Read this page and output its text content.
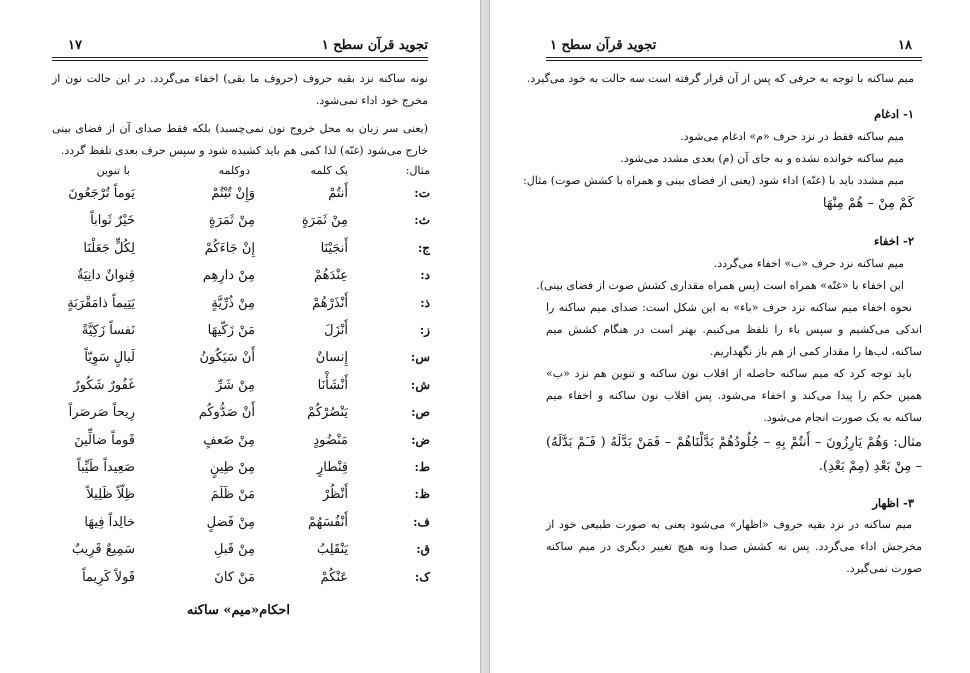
۱۷	تجوید قرآن سطح ۱
نونه ساکنه نزد بقیه حروف (حروف ما بقی) اخفاء می‌گردد. در این حالت نون از مخرج خود اداء نمی‌شود.
(یعنی سر زبان به محل خروج نون نمی‌چسبد) بلکه فقط صدای آن از فضای بینی خارج می‌شود (غنّه) لذا کمی هم باید کشیده شود و سپس حرف بعدی تلفظ گردد.
مثال:
یک کلمه
دوکلمه
با تنوین
ت:
أَنتُمْ
وَإِنْ تُبْتُمْ
يَوماً تُرْجَعُونَ
ث:
مِنْ ثَمَرَةٍ
مِنْ ثَمَرَةٍ
خَيْرٌ ثَواباً
ج:
أَنجَيْنَا
إِنْ جَاءَكُمْ
لِكُلٍّ جَعَلْنَا
د:
عِنْدَهُمْ
مِنْ دارِهِم
قِنوانٌ دانِيَةٌ
ذ:
أَنْذَرْهُمْ
مِنْ ذُرِّيَّةٍ
يَتِيماً ذامَقْرَبَةٍ
ز:
أَنْزَلَ
مَنْ زَكّيهَا
نَفساً زَكِيَّةً
س:
إِنسانٌ
أَنْ سَيَكُونُ
لَيالٍ سَوِيّاً
ش:
أَنْشَأْنَا
مِنْ شَرِّ
غَفُورٌ شَكُورٌ
ص:
يَنْصُرْكُمْ
أَنْ صَدُّوكُم
رِيحاً صَرصَراً
ض:
مَنْضُودٍ
مِنْ ضَعفٍ
قَوماً ضالِّينَ
ط:
قِنْطارٍ
مِنْ طِينٍ
صَعِيداً طَيِّباً
ظ:
أَنْظُرْ
مَنْ ظَلَمَ
ظِلّاً ظَلِيلاً
ف:
أَنْفُسَهُمْ
مِنْ فَضلٍ
خالِداً فِيهَا
ق:
يَنْقَلِبُ
مِنْ قَبلِ
سَمِيعٌ قَرِيبٌ
ک:
عَنْكُمْ
مَنْ كانَ
قَولاً كَرِيماً
احکام«میم» ساکنه
۱۸
تجوید قرآن سطح ۱
میم ساکنه با توجه به حرفی که پس از آن قرار گرفته است سه حالت به خود می‌گیرد.
۱- ادغام
میم ساکنه فقط در نزد حرف «م» ادغام می‌شود.
میم ساکنه خوانده نشده و به جای آن (م) بعدی مشدد می‌شود.
میم مشدد باید با (غنّه) اداء شود (یعنی از فضای بینی و همراه با کشش صوت) مثال:
كَمْ مِنْ – هُمْ مِنْهَا
۲- اخفاء
میم ساکنه نزد حرف «ب» اخفاء می‌گردد.
این اخفاء با «غنّه» همراه است (پس همراه مقداری کشش صوت از فضای بینی).
نحوه اخفاء میم ساکنه نزد حرف «باء» به این شکل است: صدای میم ساکنه را اندکی می‌کشیم و سپس باء را تلفظ می‌کنیم. بهتر است در هنگام کشش میم ساکنه، لب‌ها را مقدار کمی از هم باز نگهداریم.
باید توجه کرد که میم ساکنه حاصله از اقلاب نون ساکنه و تنوین هم نزد «ب» همین حکم را پیدا می‌کند و اخفاء می‌شود. پس اقلاب نون ساکنه و اخفاء میم ساکنه به یک صورت انجام می‌شود.
مثال: وَهُمْ يَارِزُونَ – أَنتُمْ بِهِ – جُلُودُهُمْ بَدَّلْنَاهُمْ – فَمَنْ بَدَّلَهُ ( فَـَمْ بَدَّلَهُ) – مِنْ بَعْدِ (مِمْ بَعْدِ).
۳- اظهار
میم ساکنه در نزد بقیه حروف «اظهار» می‌شود یعنی به صورت طبیعی خود از مخرجش اداء می‌گردد. پس نه کشش صدا ونه هیچ تغییر دیگری در میم ساکنه صورت نمی‌گیرد.
